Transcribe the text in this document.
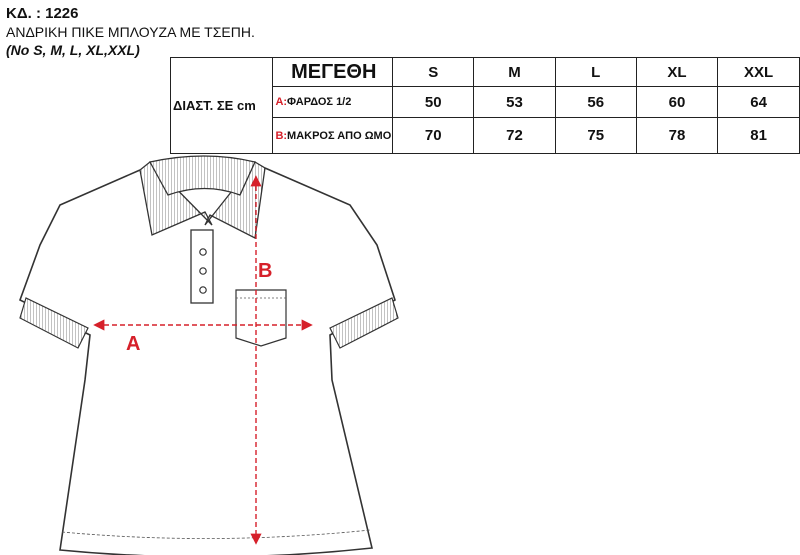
ΚΔ. : 1226
ΑΝΔΡΙΚΗ ΠΙΚΕ ΜΠΛΟΥΖΑ ΜΕ ΤΣΕΠΗ.
(No S, M, L, XL,XXL)
ΔΙΑΣΤ. ΣΕ cm	ΜΕΓΕΘΗ	S	M	L	XL	XXL
	A:ΦΑΡΔΟΣ 1/2	50	53	56	60	64

	B:ΜΑΚΡΟΣ ΑΠΟ ΩΜΟ	70	72	75	78	81
A
B
